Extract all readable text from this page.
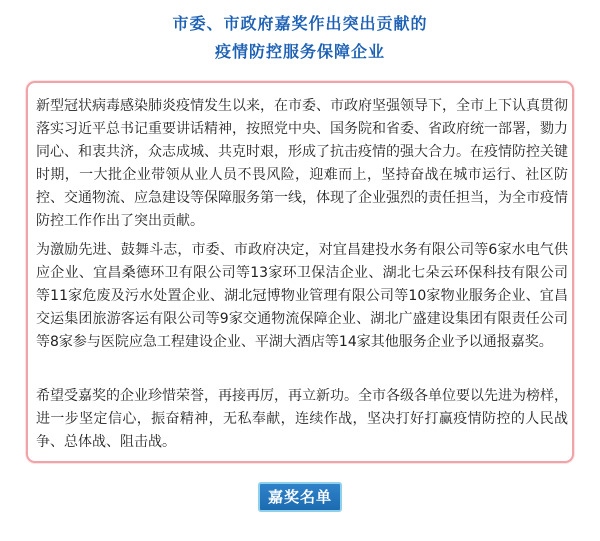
市委、市政府嘉奖作出突出贡献的
疫情防控服务保障企业

新型冠状病毒感染肺炎疫情发生以来，在市委、市政府坚强领导下，全市上下认真贯彻落实习近平总书记重要讲话精神，按照党中央、国务院和省委、省政府统一部署，勠力同心、和衷共济，众志成城、共克时艰，形成了抗击疫情的强大合力。在疫情防控关键时期，一大批企业带领从业人员不畏风险，迎难而上，坚持奋战在城市运行、社区防控、交通物流、应急建设等保障服务第一线，体现了企业强烈的责任担当，为全市疫情防控工作作出了突出贡献。

为激励先进、鼓舞斗志，市委、市政府决定，对宜昌建投水务有限公司等6家水电气供应企业、宜昌桑德环卫有限公司等13家环卫保洁企业、湖北七朵云环保科技有限公司等11家危废及污水处置企业、湖北冠博物业管理有限公司等10家物业服务企业、宜昌交运集团旅游客运有限公司等9家交通物流保障企业、湖北广盛建设集团有限责任公司等8家参与医院应急工程建设企业、平湖大酒店等14家其他服务企业予以通报嘉奖。

希望受嘉奖的企业珍惜荣誉，再接再厉，再立新功。全市各级各单位要以先进为榜样，进一步坚定信心，振奋精神，无私奉献，连续作战，坚决打好打赢疫情防控的人民战争、总体战、阻击战。

嘉奖名单
